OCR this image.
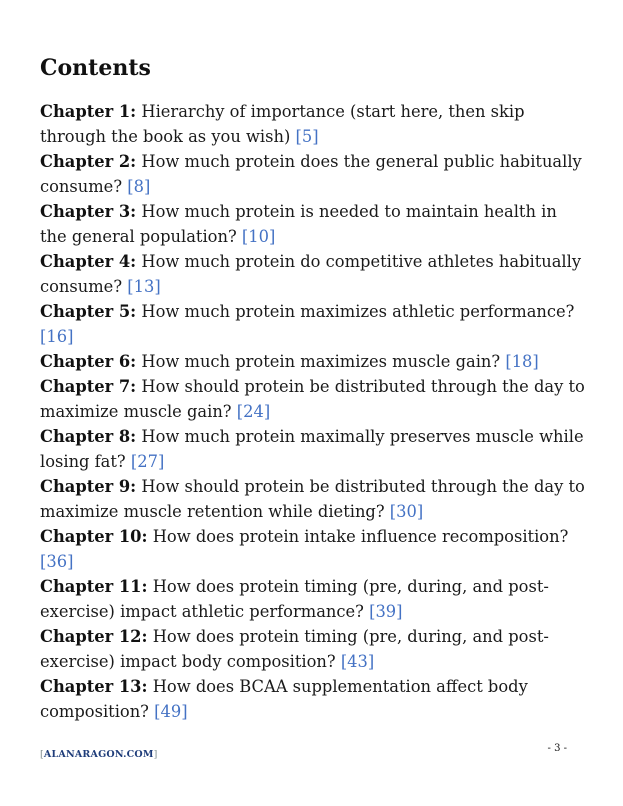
Contents
Chapter 1: Hierarchy of importance (start here, then skip through the book as you wish) [5]
Chapter 2: How much protein does the general public habitually consume? [8]
Chapter 3: How much protein is needed to maintain health in the general population? [10]
Chapter 4: How much protein do competitive athletes habitually consume? [13]
Chapter 5: How much protein maximizes athletic performance? [16]
Chapter 6: How much protein maximizes muscle gain? [18]
Chapter 7: How should protein be distributed through the day to maximize muscle gain? [24]
Chapter 8: How much protein maximally preserves muscle while losing fat? [27]
Chapter 9: How should protein be distributed through the day to maximize muscle retention while dieting? [30]
Chapter 10: How does protein intake influence recomposition? [36]
Chapter 11: How does protein timing (pre, during, and post-exercise) impact athletic performance? [39]
Chapter 12: How does protein timing (pre, during, and post-exercise) impact body composition? [43]
Chapter 13: How does BCAA supplementation affect body composition? [49]
[ALANARAGON.COM]
- 3 -
